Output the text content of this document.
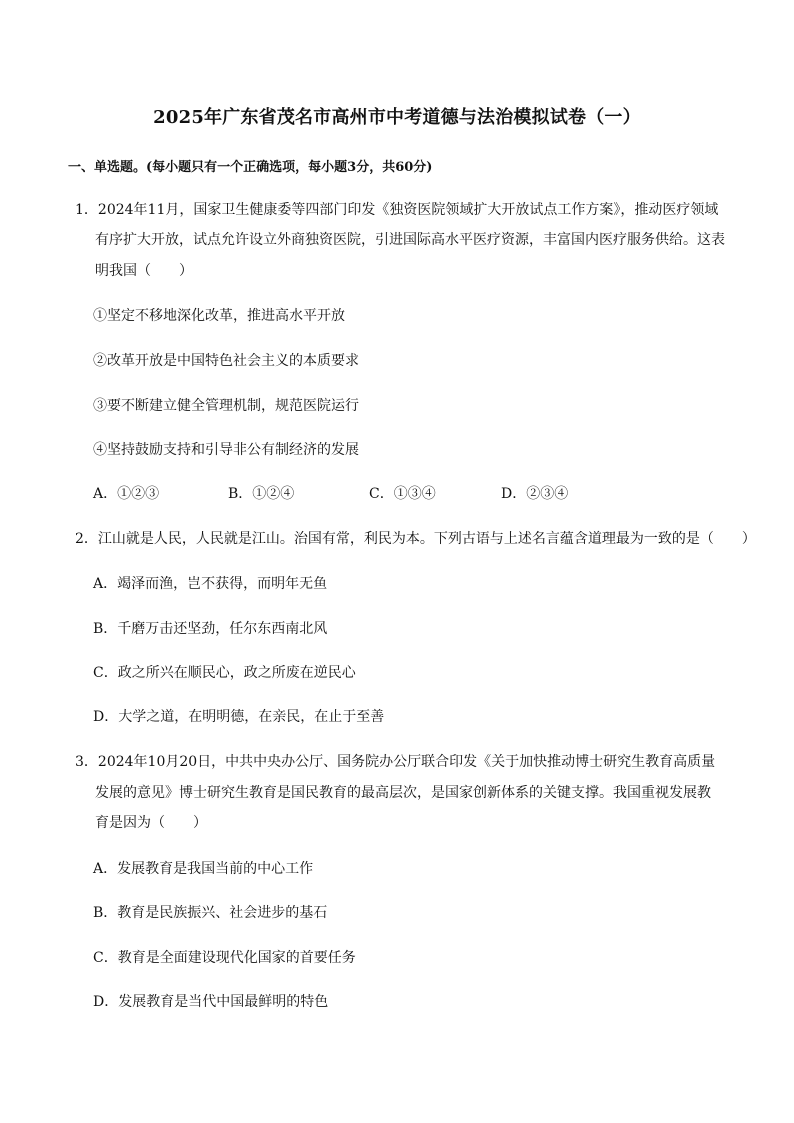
2025年广东省茂名市高州市中考道德与法治模拟试卷（一）
一、单选题。(每小题只有一个正确选项，每小题3分，共60分)
1．2024年11月，国家卫生健康委等四部门印发《独资医院领域扩大开放试点工作方案》，推动医疗领域
有序扩大开放，试点允许设立外商独资医院，引进国际高水平医疗资源，丰富国内医疗服务供给。这表
明我国（　　）
①坚定不移地深化改革，推进高水平开放
②改革开放是中国特色社会主义的本质要求
③要不断建立健全管理机制，规范医院运行
④坚持鼓励支持和引导非公有制经济的发展
A．①②③	B．①②④	C．①③④	D．②③④
2．江山就是人民，人民就是江山。治国有常，利民为本。下列古语与上述名言蕴含道理最为一致的是（　　）
A．竭泽而渔，岂不获得，而明年无鱼
B．千磨万击还坚劲，任尔东西南北风
C．政之所兴在顺民心，政之所废在逆民心
D．大学之道，在明明德，在亲民，在止于至善
3．2024年10月20日，中共中央办公厅、国务院办公厅联合印发《关于加快推动博士研究生教育高质量
发展的意见》博士研究生教育是国民教育的最高层次，是国家创新体系的关键支撑。我国重视发展教
育是因为（　　）
A．发展教育是我国当前的中心工作
B．教育是民族振兴、社会进步的基石
C．教育是全面建设现代化国家的首要任务
D．发展教育是当代中国最鲜明的特色
